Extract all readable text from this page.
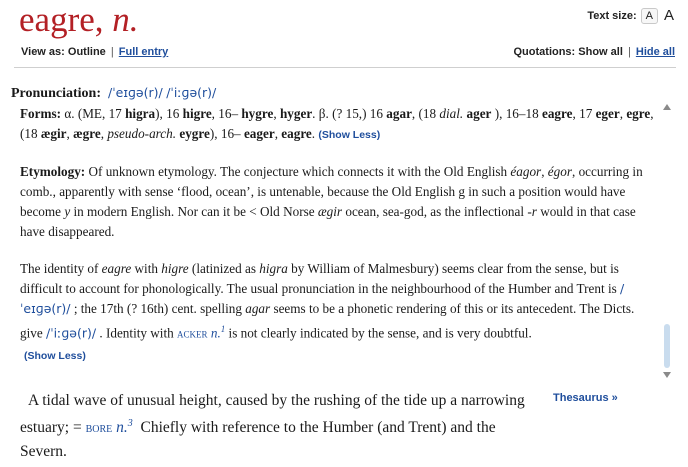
eagre, n.	Text size: A A
View as: Outline | Full entry	Quotations: Show all | Hide all
Pronunciation: /ˈeɪɡə(r)/ /ˈiːɡə(r)/

Forms: α. (ME, 17 higra), 16 higre, 16– hygre, hyger. β. (? 15,) 16 agar, (18 dial. ager ), 16–18 eagre, 17 eger, egre, (18 ægir, ægre, pseudo-arch. eygre), 16– eager, eagre. (Show Less)

Etymology: Of unknown etymology. The conjecture which connects it with the Old English éagor, égor, occurring in comb., apparently with sense ‘flood, ocean’, is untenable, because the Old English g in such a position would have become y in modern English. Nor can it be < Old Norse ægir ocean, sea-god, as the inflectional -r would in that case have disappeared.

The identity of eagre with higre (latinized as higra by William of Malmesbury) seems clear from the sense, but is difficult to account for phonologically. The usual pronunciation in the neighbourhood of the Humber and Trent is /ˈeɪɡə(r)/ ; the 17th (? 16th) cent. spelling agar seems to be a phonetic rendering of this or its antecedent. The Dicts. give /ˈiːɡə(r)/ . Identity with acker n.$^1$ is not clearly indicated by the sense, and is very doubtful.

(Show Less)
A tidal wave of unusual height, caused by the rushing of the tide up a narrowing estuary; = bore n.$^3$  Chiefly with reference to the Humber (and Trent) and the Severn.
Thesaurus »
